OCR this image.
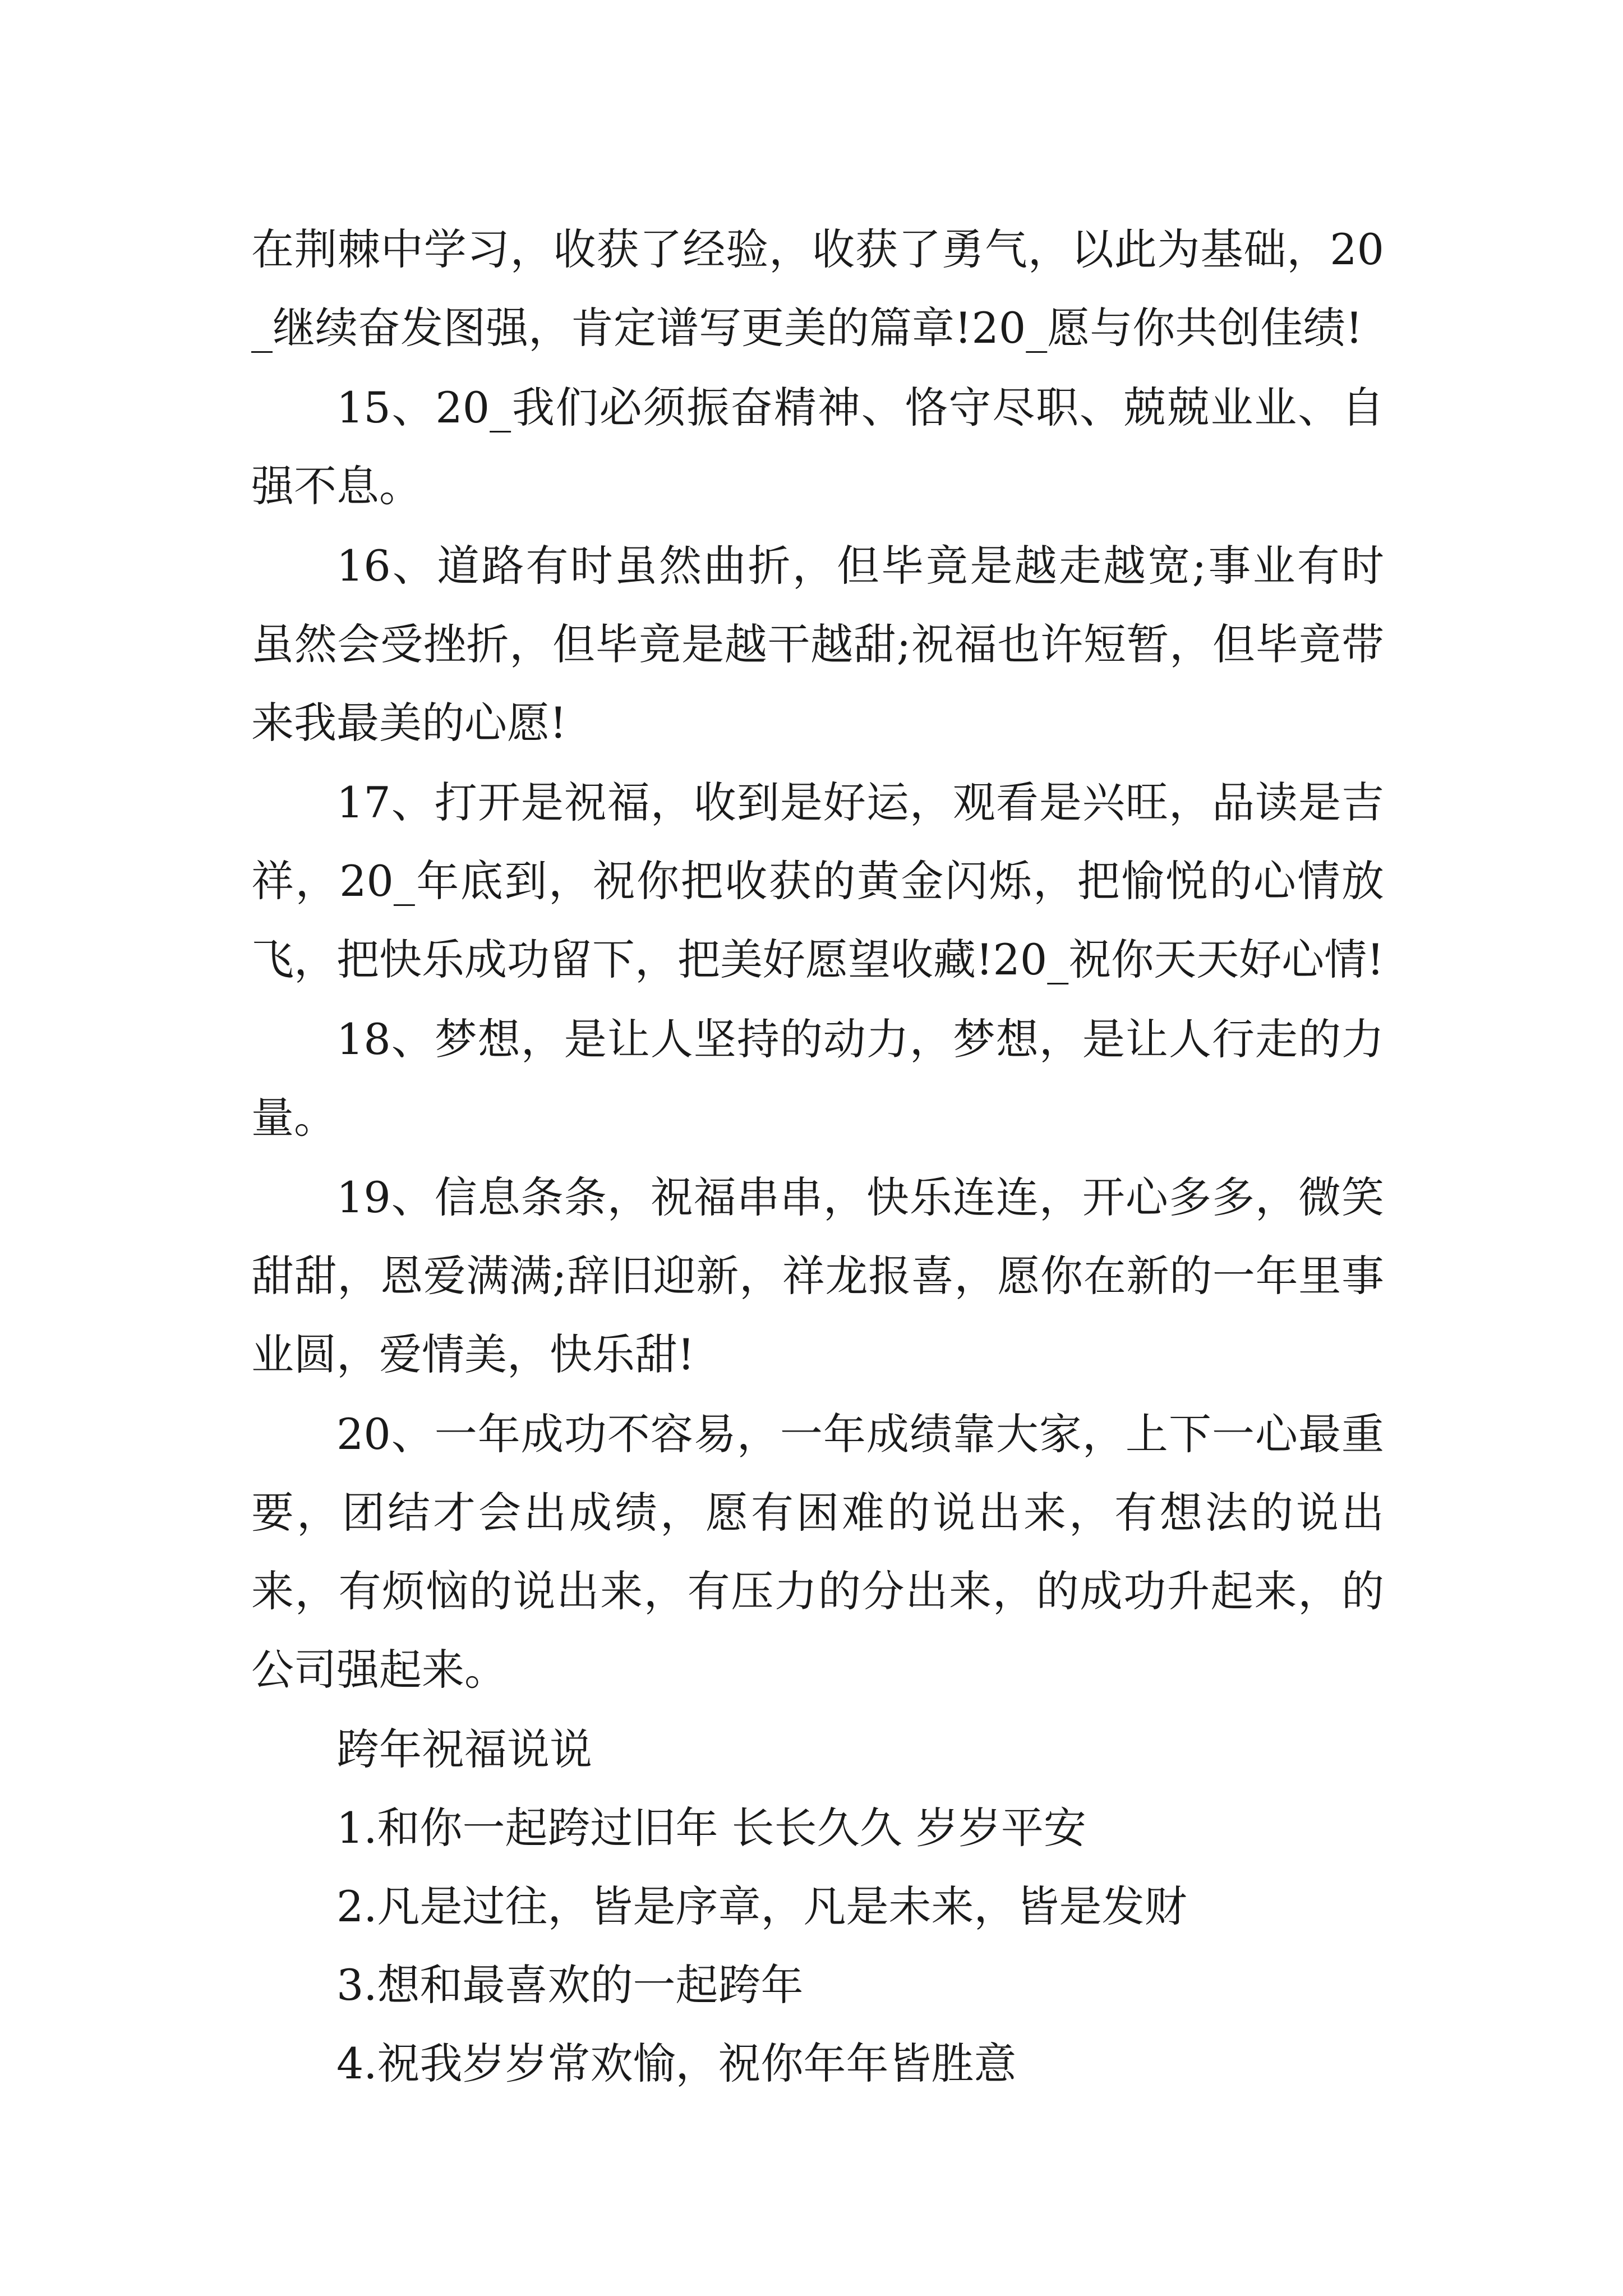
在荆棘中学习，收获了经验，收获了勇气，以此为基础，20_继续奋发图强，肯定谱写更美的篇章!20_愿与你共创佳绩!

15、20_我们必须振奋精神、恪守尽职、兢兢业业、自强不息。

16、道路有时虽然曲折，但毕竟是越走越宽;事业有时虽然会受挫折，但毕竟是越干越甜;祝福也许短暂，但毕竟带来我最美的心愿!

17、打开是祝福，收到是好运，观看是兴旺，品读是吉祥，20_年底到，祝你把收获的黄金闪烁，把愉悦的心情放飞，把快乐成功留下，把美好愿望收藏!20_祝你天天好心情!

18、梦想，是让人坚持的动力，梦想，是让人行走的力量。

19、信息条条，祝福串串，快乐连连，开心多多，微笑甜甜，恩爱满满;辞旧迎新，祥龙报喜，愿你在新的一年里事业圆，爱情美，快乐甜!

20、一年成功不容易，一年成绩靠大家，上下一心最重要，团结才会出成绩，愿有困难的说出来，有想法的说出来，有烦恼的说出来，有压力的分出来，的成功升起来，的公司强起来。

跨年祝福说说

1.和你一起跨过旧年 长长久久 岁岁平安

2.凡是过往，皆是序章，凡是未来，皆是发财

3.想和最喜欢的一起跨年

4.祝我岁岁常欢愉，祝你年年皆胜意
